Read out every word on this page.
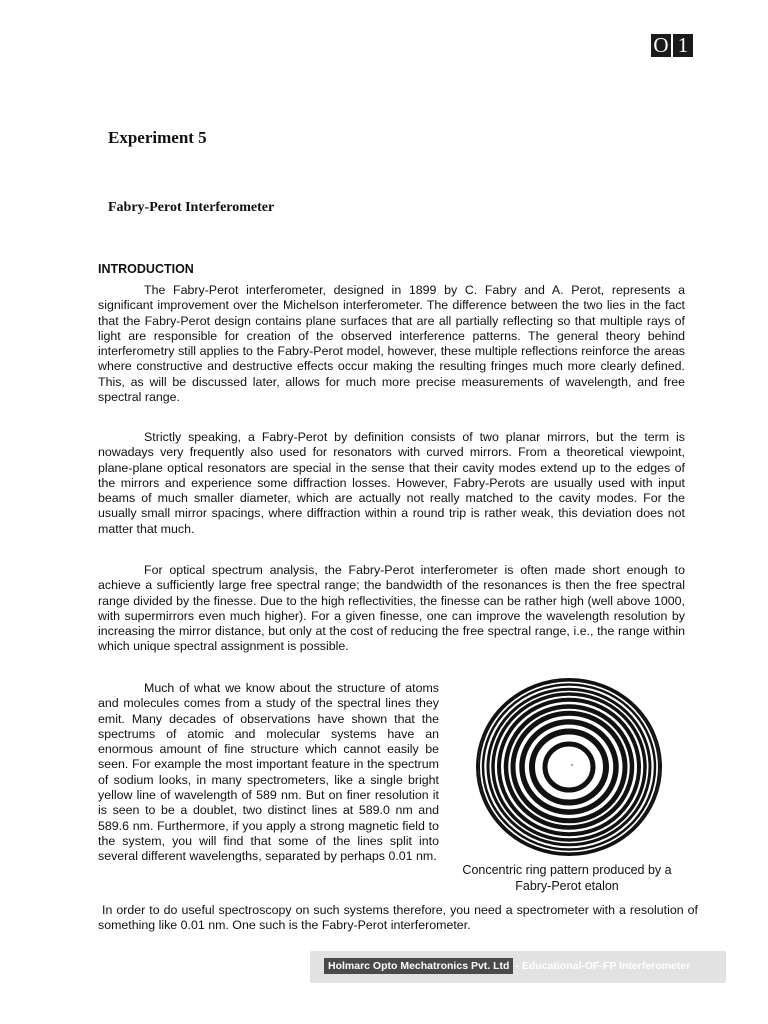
O 1
Experiment 5
Fabry-Perot Interferometer
INTRODUCTION

The Fabry-Perot interferometer, designed in 1899 by C. Fabry and A. Perot, represents a significant improvement over the Michelson interferometer. The difference between the two lies in the fact that the Fabry-Perot design contains plane surfaces that are all partially reflecting so that multiple rays of light are responsible for creation of the observed interference patterns. The general theory behind interferometry still applies to the Fabry-Perot model, however, these multiple reflections reinforce the areas where constructive and destructive effects occur making the resulting fringes much more clearly defined. This, as will be discussed later, allows for much more precise measurements of wavelength, and free spectral range.

Strictly speaking, a Fabry-Perot by definition consists of two planar mirrors, but the term is nowadays very frequently also used for resonators with curved mirrors. From a theoretical viewpoint, plane-plane optical resonators are special in the sense that their cavity modes extend up to the edges of the mirrors and experience some diffraction losses. However, Fabry-Perots are usually used with input beams of much smaller diameter, which are actually not really matched to the cavity modes. For the usually small mirror spacings, where diffraction within a round trip is rather weak, this deviation does not matter that much.

For optical spectrum analysis, the Fabry-Perot interferometer is often made short enough to achieve a sufficiently large free spectral range; the bandwidth of the resonances is then the free spectral range divided by the finesse. Due to the high reflectivities, the finesse can be rather high (well above 1000, with supermirrors even much higher). For a given finesse, one can improve the wavelength resolution by increasing the mirror distance, but only at the cost of reducing the free spectral range, i.e., the range within which unique spectral assignment is possible.

Much of what we know about the structure of atoms and molecules comes from a study of the spectral lines they emit. Many decades of observations have shown that the spectrums of atomic and molecular systems have an enormous amount of fine structure which cannot easily be seen. For example the most important feature in the spectrum of sodium looks, in many spectrometers, like a single bright yellow line of wavelength of 589 nm. But on finer resolution it is seen to be a doublet, two distinct lines at 589.0 nm and 589.6 nm. Furthermore, if you apply a strong magnetic field to the system, you will find that some of the lines split into several different wavelengths, separated by perhaps 0.01 nm.

In order to do useful spectroscopy on such systems therefore, you need a spectrometer with a resolution of something like 0.01 nm. One such is the Fabry-Perot interferometer.

Concentric ring pattern produced by a Fabry-Perot etalon
Holmarc Opto Mechatronics Pvt. Ltd - Educational-OF-FP Interferometer
